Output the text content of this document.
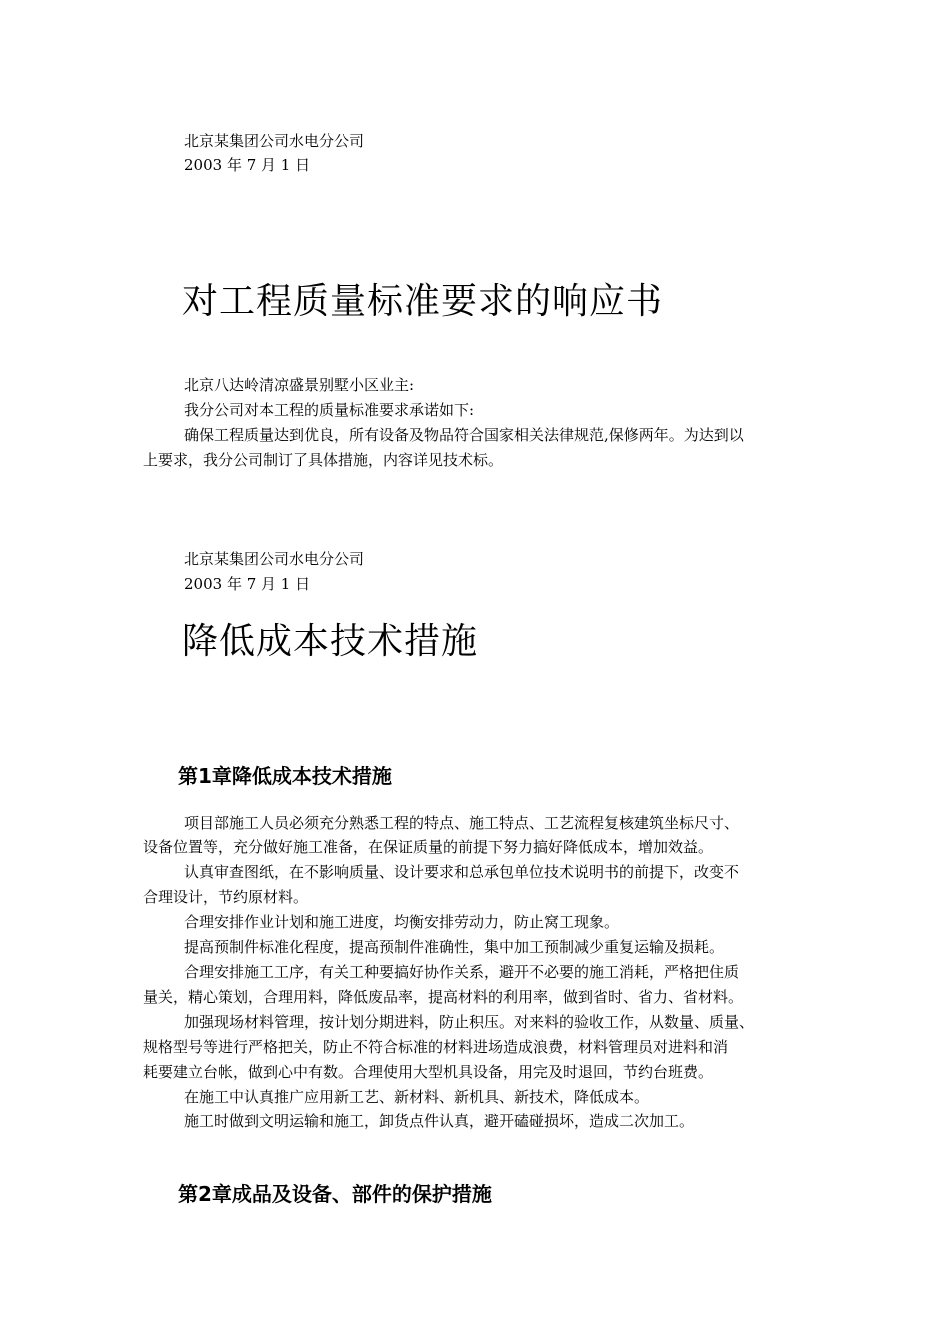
北京某集团公司水电分公司
2003 年 7 月 1 日
对工程质量标准要求的响应书
北京八达岭清凉盛景别墅小区业主:
我分公司对本工程的质量标准要求承诺如下:
确保工程质量达到优良，所有设备及物品符合国家相关法律规范,保修两年。为达到以
上要求，我分公司制订了具体措施，内容详见技术标。
北京某集团公司水电分公司
2003 年 7 月 1 日
降低成本技术措施
第1章降低成本技术措施
项目部施工人员必须充分熟悉工程的特点、施工特点、工艺流程复核建筑坐标尺寸、
设备位置等，充分做好施工准备，在保证质量的前提下努力搞好降低成本，增加效益。
认真审查图纸，在不影响质量、设计要求和总承包单位技术说明书的前提下，改变不
合理设计，节约原材料。
合理安排作业计划和施工进度，均衡安排劳动力，防止窝工现象。
提高预制件标准化程度，提高预制件准确性，集中加工预制减少重复运输及损耗。
合理安排施工工序，有关工种要搞好协作关系，避开不必要的施工消耗，严格把住质
量关，精心策划，合理用料，降低废品率，提高材料的利用率，做到省时、省力、省材料。
加强现场材料管理，按计划分期进料，防止积压。对来料的验收工作，从数量、质量、
规格型号等进行严格把关，防止不符合标准的材料进场造成浪费，材料管理员对进料和消
耗要建立台帐，做到心中有数。合理使用大型机具设备，用完及时退回，节约台班费。
在施工中认真推广应用新工艺、新材料、新机具、新技术，降低成本。
施工时做到文明运输和施工，卸货点件认真，避开磕碰损坏，造成二次加工。
第2章成品及设备、部件的保护措施
